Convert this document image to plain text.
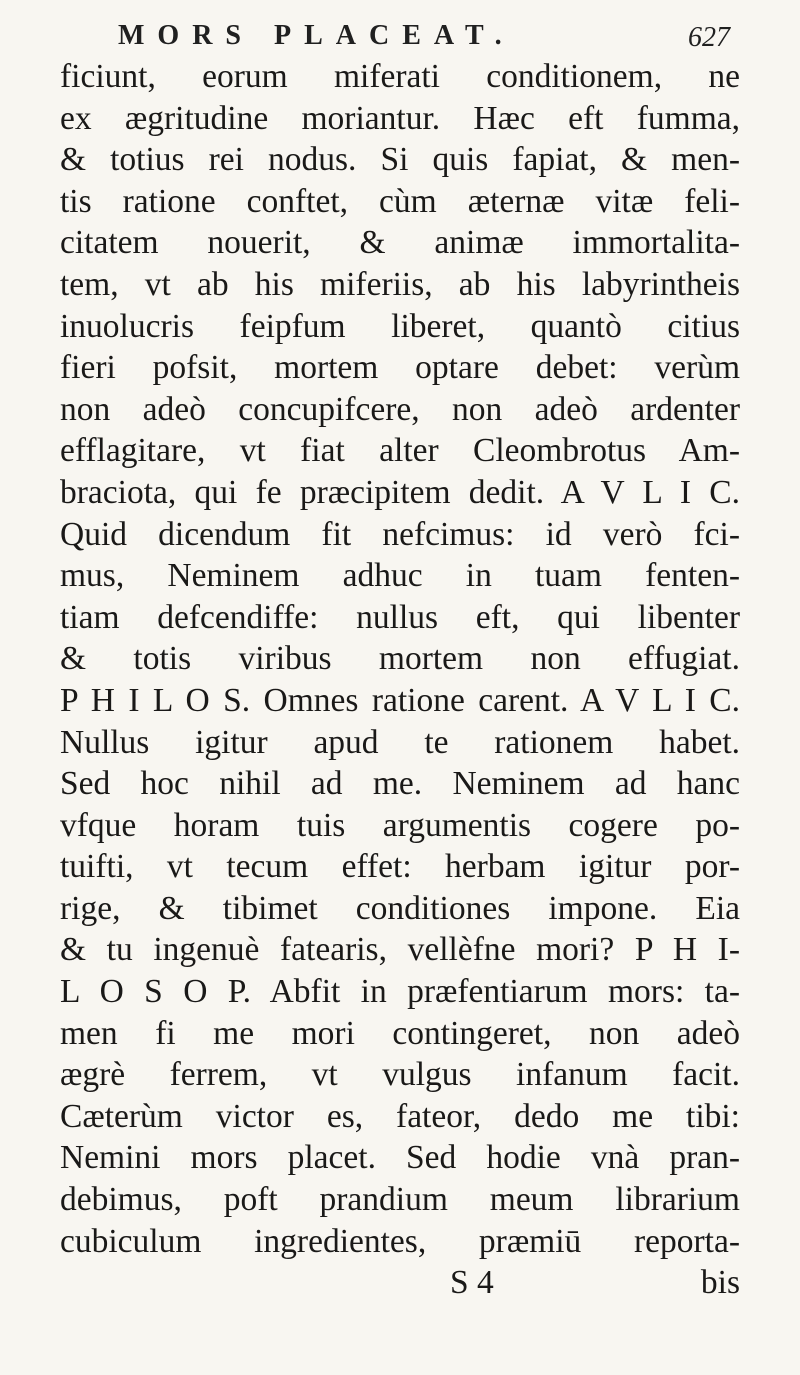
MORS PLACEAT.	627
ficiunt, eorum miferati conditionem, ne
ex ægritudine moriantur. Hæc eft fumma,
& totius rei nodus. Si quis fapiat, & men-
tis ratione conftet, cùm æternæ vitæ feli-
citatem nouerit, & animæ immortalita-
tem, vt ab his miferiis, ab his labyrintheis
inuolucris feipfum liberet, quantò citius
fieri pofsit, mortem optare debet: verùm
non adeò concupifcere, non adeò ardenter
efflagitare, vt fiat alter Cleombrotus Am-
braciota, qui fe præcipitem dedit. A V L I C.
Quid dicendum fit nefcimus: id verò fci-
mus, Neminem adhuc in tuam fenten-
tiam defcendiffe: nullus eft, qui libenter
& totis viribus mortem non effugiat.
P H I L O S. Omnes ratione carent. A V L I C.
Nullus igitur apud te rationem habet.
Sed hoc nihil ad me. Neminem ad hanc
vfque horam tuis argumentis cogere po-
tuifti, vt tecum effet: herbam igitur por-
rige, & tibimet conditiones impone. Eia
& tu ingenuè fatearis, vellèfne mori? P H I-
L O S O P. Abfit in præfentiarum mors: ta-
men fi me mori contingeret, non adeò
ægrè ferrem, vt vulgus infanum facit.
Cæterùm victor es, fateor, dedo me tibi:
Nemini mors placet. Sed hodie vnà pran-
debimus, poft prandium meum librarium
cubiculum ingredientes, præmiū reporta-
S 4	bis
